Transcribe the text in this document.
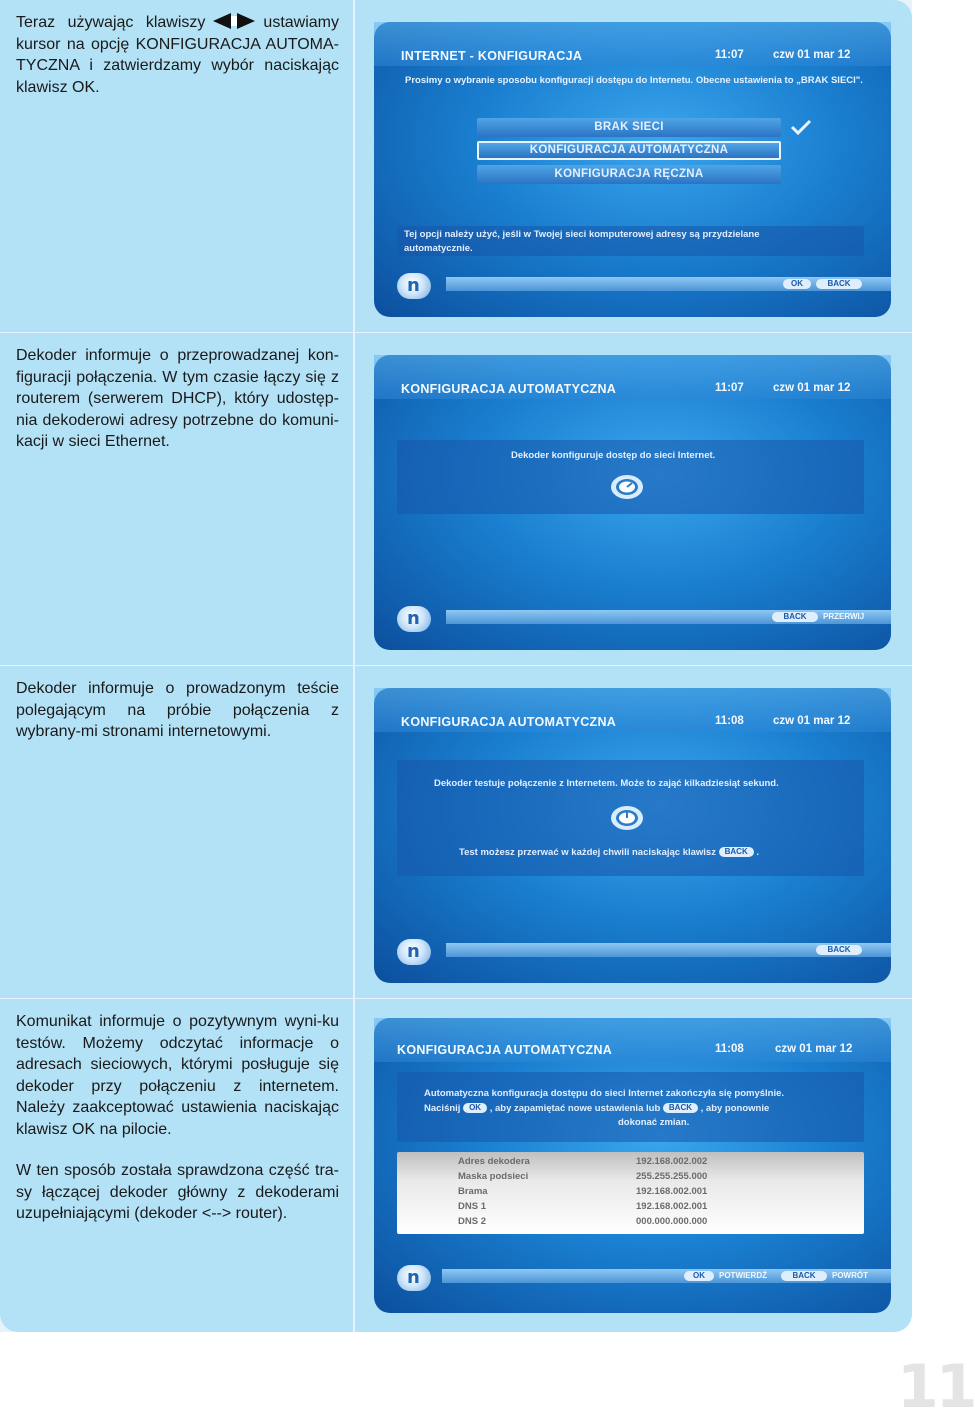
Teraz używając klawiszy	ustawiamy kursor na opcję KONFIGURACJA AUTOMA-TYCZNA i zatwierdzamy wybór naciskając klawisz OK.

INTERNET - KONFIGURACJA	11:07	czw 01 mar 12
Prosimy o wybranie sposobu konfiguracji dostępu do Internetu. Obecne ustawienia to „BRAK SIECI".
BRAK SIECI
KONFIGURACJA AUTOMATYCZNA
KONFIGURACJA RĘCZNA
Tej opcji należy użyć, jeśli w Twojej sieci komputerowej adresy są przydzielane automatycznie.
n	OK	BACK

Dekoder informuje o przeprowadzanej kon-figuracji połączenia. W tym czasie łączy się z routerem (serwerem DHCP), który udostęp-nia dekoderowi adresy potrzebne do komuni-kacji w sieci Ethernet.

KONFIGURACJA AUTOMATYCZNA	11:07	czw 01 mar 12
Dekoder konfiguruje dostęp do sieci Internet.
n	BACK	PRZERWIJ

Dekoder informuje o prowadzonym teście polegającym na próbie połączenia z wybrany-mi stronami internetowymi.

KONFIGURACJA AUTOMATYCZNA	11:08	czw 01 mar 12
Dekoder testuje połączenie z Internetem. Może to zająć kilkadziesiąt sekund.
Test możesz przerwać w każdej chwili naciskając klawisz BACK .
n	BACK

Komunikat informuje o pozytywnym wyni-ku testów. Możemy odczytać informacje o adresach sieciowych, którymi posługuje się dekoder przy połączeniu z internetem. Należy zaakceptować ustawienia naciskając klawisz OK na pilocie.

W ten sposób została sprawdzona część tra-sy łączącej dekoder główny z dekoderami uzupełniającymi (dekoder <--> router).

KONFIGURACJA AUTOMATYCZNA	11:08	czw 01 mar 12
Automatyczna konfiguracja dostępu do sieci Internet zakończyła się pomyślnie.
Naciśnij OK , aby zapamiętać nowe ustawienia lub BACK , aby ponownie
dokonać zmian.
Adres dekodera	192.168.002.002
Maska podsieci	255.255.255.000
Brama	192.168.002.001
DNS 1	192.168.002.001
DNS 2	000.000.000.000
n	OK	POTWIERDŹ	BACK	POWRÓT
11
